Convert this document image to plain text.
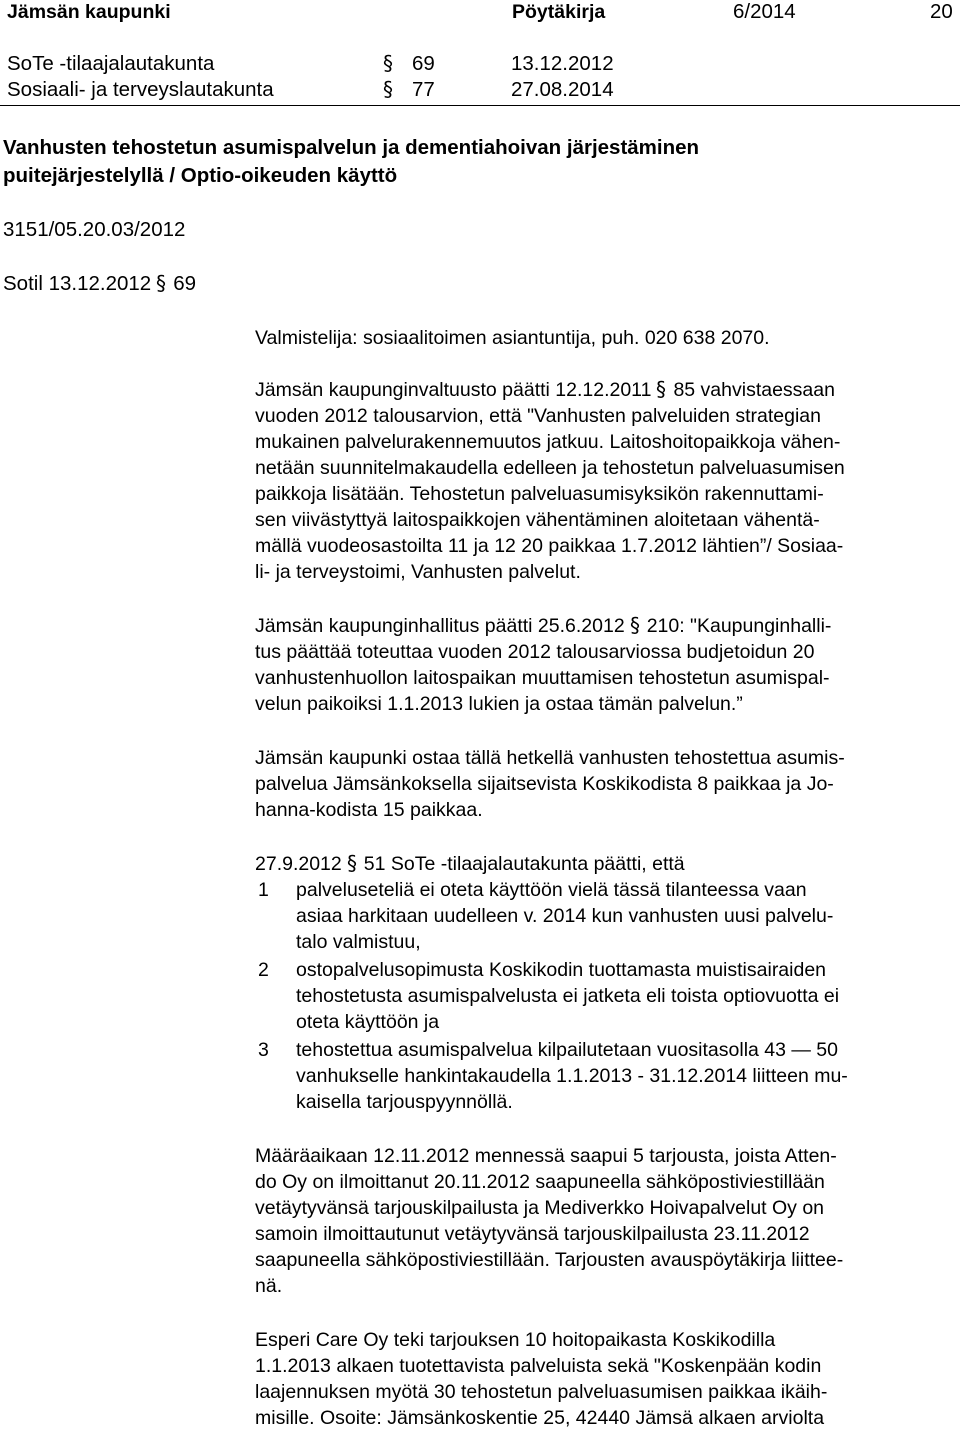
Jämsän kaupunki	Pöytäkirja	6/2014	20
SoTe -tilaajalautakunta	§ 69	13.12.2012
Sosiaali- ja terveyslautakunta	§ 77	27.08.2014
Vanhusten tehostetun asumispalvelun ja dementiahoivan järjestäminen
puitejärjestelyllä / Optio-oikeuden käyttö
3151/05.20.03/2012
Sotil 13.12.2012 § 69
Valmistelija: sosiaalitoimen asiantuntija, puh. 020 638 2070.
Jämsän kaupunginvaltuusto päätti 12.12.2011 § 85 vahvistaessaan
vuoden 2012 talousarvion, että "Vanhusten palveluiden strategian
mukainen palvelurakennemuutos jatkuu. Laitoshoitopaikkoja vähen-
netään suunnitelmakaudella edelleen ja tehostetun palveluasumisen
paikkoja lisätään. Tehostetun palveluasumisyksikön rakennuttami-
sen viivästyttyä laitospaikkojen vähentäminen aloitetaan vähentä-
mällä vuodeosastoilta 11 ja 12 20 paikkaa 1.7.2012 lähtien”/ Sosiaa-
li- ja terveystoimi, Vanhusten palvelut.
Jämsän kaupunginhallitus päätti 25.6.2012 § 210: "Kaupunginhalli-
tus päättää toteuttaa vuoden 2012 talousarviossa budjetoidun 20
vanhustenhuollon laitospaikan muuttamisen tehostetun asumispal-
velun paikoiksi 1.1.2013 lukien ja ostaa tämän palvelun.”
Jämsän kaupunki ostaa tällä hetkellä vanhusten tehostettua asumis-
palvelua Jämsänkoksella sijaitsevista Koskikodista 8 paikkaa ja Jo-
hanna-kodista 15 paikkaa.
27.9.2012 § 51 SoTe -tilaajalautakunta päätti, että
1 palveluseteliä ei oteta käyttöön vielä tässä tilanteessa vaan
asiaa harkitaan uudelleen v. 2014 kun vanhusten uusi palvelu-
talo valmistuu,
2 ostopalvelusopimusta Koskikodin tuottamasta muistisairaiden
tehostetusta asumispalvelusta ei jatketa eli toista optiovuotta ei
oteta käyttöön ja
3 tehostettua asumispalvelua kilpailutetaan vuositasolla 43 — 50
vanhukselle hankintakaudella 1.1.2013 - 31.12.2014 liitteen mu-
kaisella tarjouspyynnöllä.
Määräaikaan 12.11.2012 mennessä saapui 5 tarjousta, joista Atten-
do Oy on ilmoittanut 20.11.2012 saapuneella sähköpostiviestillään
vetäytyvänsä tarjouskilpailusta ja Mediverkko Hoivapalvelut Oy on
samoin ilmoittautunut vetäytyvänsä tarjouskilpailusta 23.11.2012
saapuneella sähköpostiviestillään. Tarjousten avauspöytäkirja liittee-
nä.
Esperi Care Oy teki tarjouksen 10 hoitopaikasta Koskikodilla
1.1.2013 alkaen tuotettavista palveluista sekä "Koskenpään kodin
laajennuksen myötä 30 tehostetun palveluasumisen paikkaa ikäih-
misille. Osoite: Jämsänkoskentie 25, 42440 Jämsä alkaen arviolta
